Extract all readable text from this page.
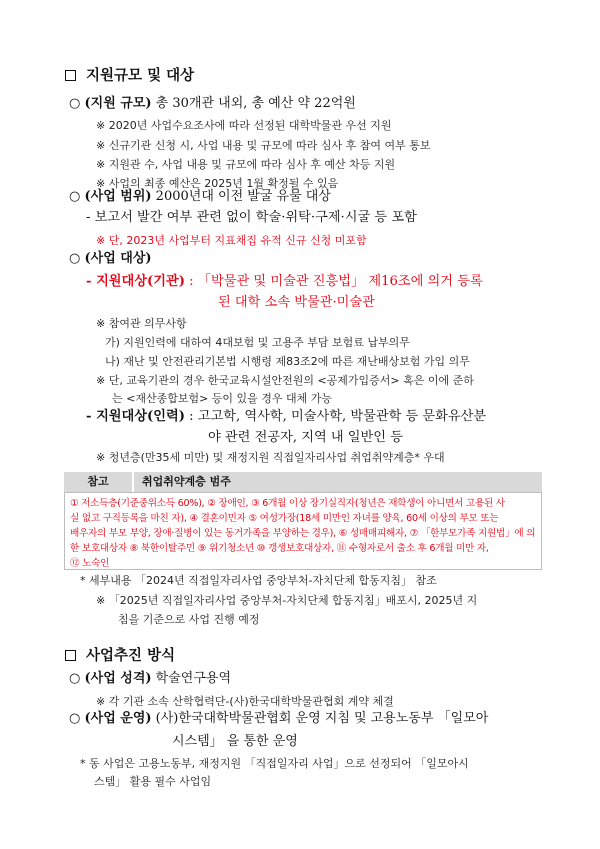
지원규모 및 대상
○ (지원 규모) 총 30개관 내외, 총 예산 약 22억원
※ 2020년 사업수요조사에 따라 선정된 대학박물관 우선 지원
※ 신규기관 신청 시, 사업 내용 및 규모에 따라 심사 후 참여 여부 통보
※ 지원관 수, 사업 내용 및 규모에 따라 심사 후 예산 차등 지원
※ 사업의 최종 예산은 2025년 1월 확정될 수 있음
○ (사업 범위) 2000년대 이전 발굴 유물 대상
- 보고서 발간 여부 관련 없이 학술·위탁·구제·시굴 등 포함
※ 단, 2023년 사업부터 지표채집 유적 신규 신청 미포함
○ (사업 대상)
- 지원대상(기관) : 「박물관 및 미술관 진흥법」 제16조에 의거 등록
된 대학 소속 박물관·미술관
※ 참여관 의무사항
가) 지원인력에 대하여 4대보험 및 고용주 부담 보험료 납부의무
나) 재난 및 안전관리기본법 시행령 제83조2에 따른 재난배상보험 가입 의무
※ 단, 교육기관의 경우 한국교육시설안전원의 <공제가입증서> 혹은 이에 준하
는 <재산종합보험> 등이 있을 경우 대체 가능
- 지원대상(인력) : 고고학, 역사학, 미술사학, 박물관학 등 문화유산분
야 관련 전공자, 지역 내 일반인 등
※ 청년층(만35세 미만) 및 재정지원 직접일자리사업 취업취약계층* 우대
참고	취업취약계층 범주
① 저소득층(기준중위소득 60%), ② 장애인, ③ 6개월 이상 장기실직자(청년은 재학생이 아니면서 고용된 사
실 없고 구직등록을 마친 자), ④ 결혼이민자 ⑤ 여성가장(18세 미만인 자녀를 양육, 60세 이상의 부모 또는
배우자의 부모 부양, 장애·질병이 있는 동거가족을 부양하는 경우), ⑥ 성매매피해자, ⑦ 「한부모가족 지원법」에 의
한 보호대상자 ⑧ 북한이탈주민 ⑨ 위기청소년 ⑩ 갱생보호대상자, ⑪ 수형자로서 출소 후 6개월 미만 자,
⑫ 노숙인
* 세부내용 「2024년 직접일자리사업 중앙부처-자치단체 합동지침」 참조
※ 「2025년 직접일자리사업 중앙부처-자치단체 합동지침」배포시, 2025년 지
침을 기준으로 사업 진행 예정
사업추진 방식
○ (사업 성격) 학술연구용역
※ 각 기관 소속 산학협력단-(사)한국대학박물관협회 계약 체결
○ (사업 운영) (사)한국대학박물관협회 운영 지침 및 고용노동부 「일모아
시스템」 을 통한 운영
* 동 사업은 고용노동부, 재정지원 「직접일자리 사업」으로 선정되어 「일모아시
스템」 활용 필수 사업임
